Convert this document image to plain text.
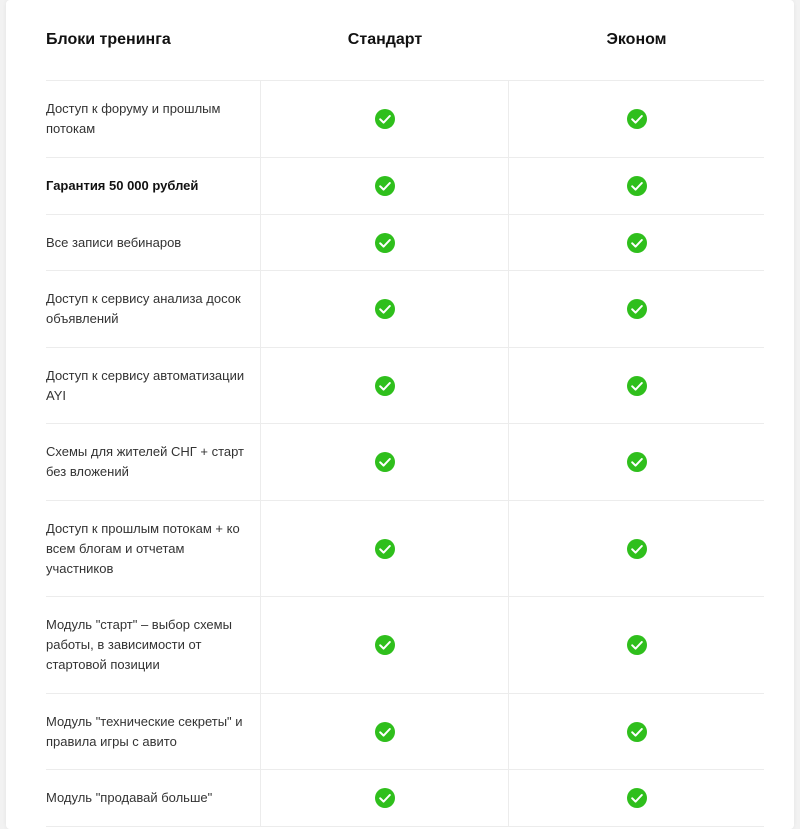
Блоки тренинга	Стандарт	Эконом
Доступ к форуму и прошлым потокам
Гарантия 50 000 рублей
Все записи вебинаров
Доступ к сервису анализа досок объявлений
Доступ к сервису автоматизации AYI
Схемы для жителей СНГ + старт без вложений
Доступ к прошлым потокам + ко всем блогам и отчетам участников
Модуль "старт" – выбор схемы работы, в зависимости от стартовой позиции
Модуль "технические секреты" и правила игры с авито
Модуль "продавай больше"
